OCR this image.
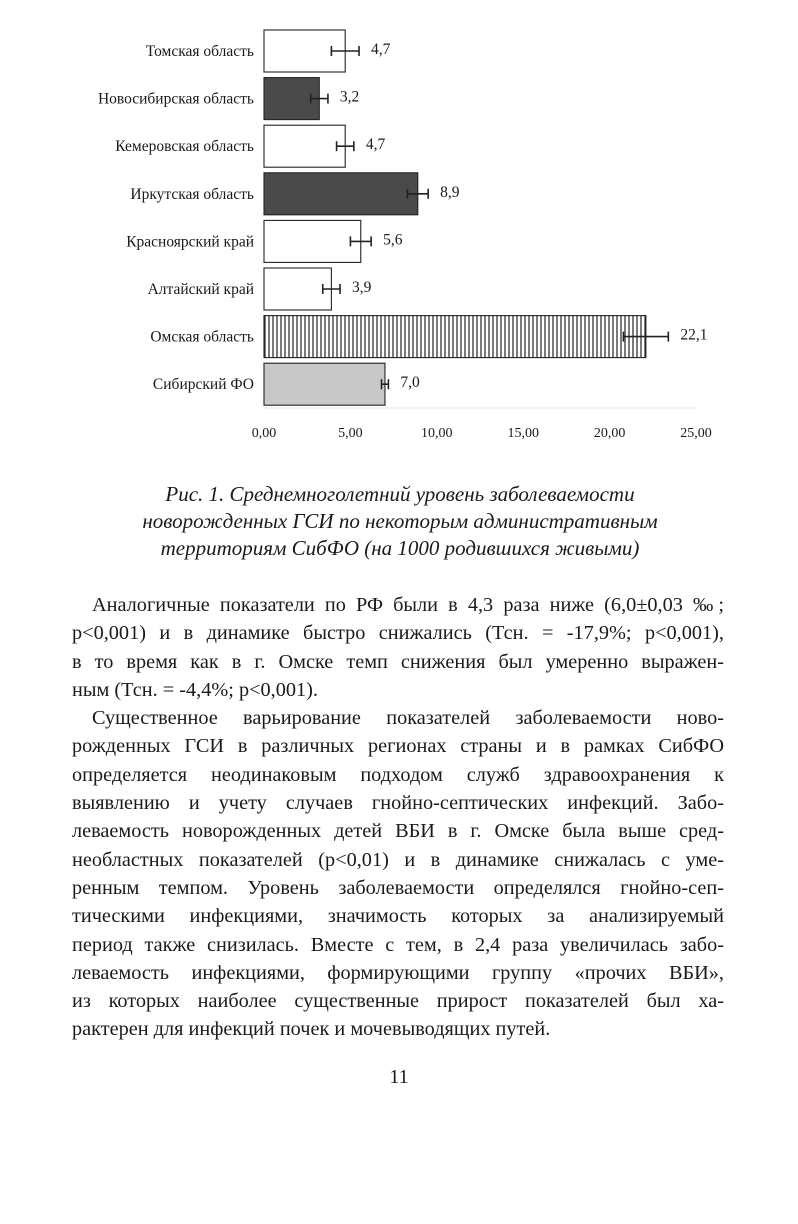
Томская область	4,7
Новосибирская область	3,2
Кемеровская область	4,7
Иркутская область	8,9
Красноярский край	5,6
Алтайский край	3,9
Омская область	22,1
Сибирский ФО	7,0
0,00	5,00	10,00	15,00	20,00	25,00
Рис. 1. Среднемноголетний уровень заболеваемости
новорожденных ГСИ по некоторым административным
территориям СибФО (на 1000 родившихся живыми)
Аналогичные показатели по РФ были в 4,3 раза ниже (6,0±0,03 ‰;
р<0,001) и в динамике быстро снижались (Тсн. = -17,9%; р<0,001),
в то время как в г. Омске темп снижения был умеренно выражен-
ным (Тсн. = -4,4%; р<0,001).
Существенное варьирование показателей заболеваемости ново-
рожденных ГСИ в различных регионах страны и в рамках СибФО
определяется неодинаковым подходом служб здравоохранения к
выявлению и учету случаев гнойно-септических инфекций. Забо-
леваемость новорожденных детей ВБИ в г. Омске была выше сред-
необластных показателей (р<0,01) и в динамике снижалась с уме-
ренным темпом. Уровень заболеваемости определялся гнойно-сеп-
тическими инфекциями, значимость которых за анализируемый
период также снизилась. Вместе с тем, в 2,4 раза увеличилась забо-
леваемость инфекциями, формирующими группу «прочих ВБИ»,
из которых наиболее существенные прирост показателей был ха-
рактерен для инфекций почек и мочевыводящих путей.
11
